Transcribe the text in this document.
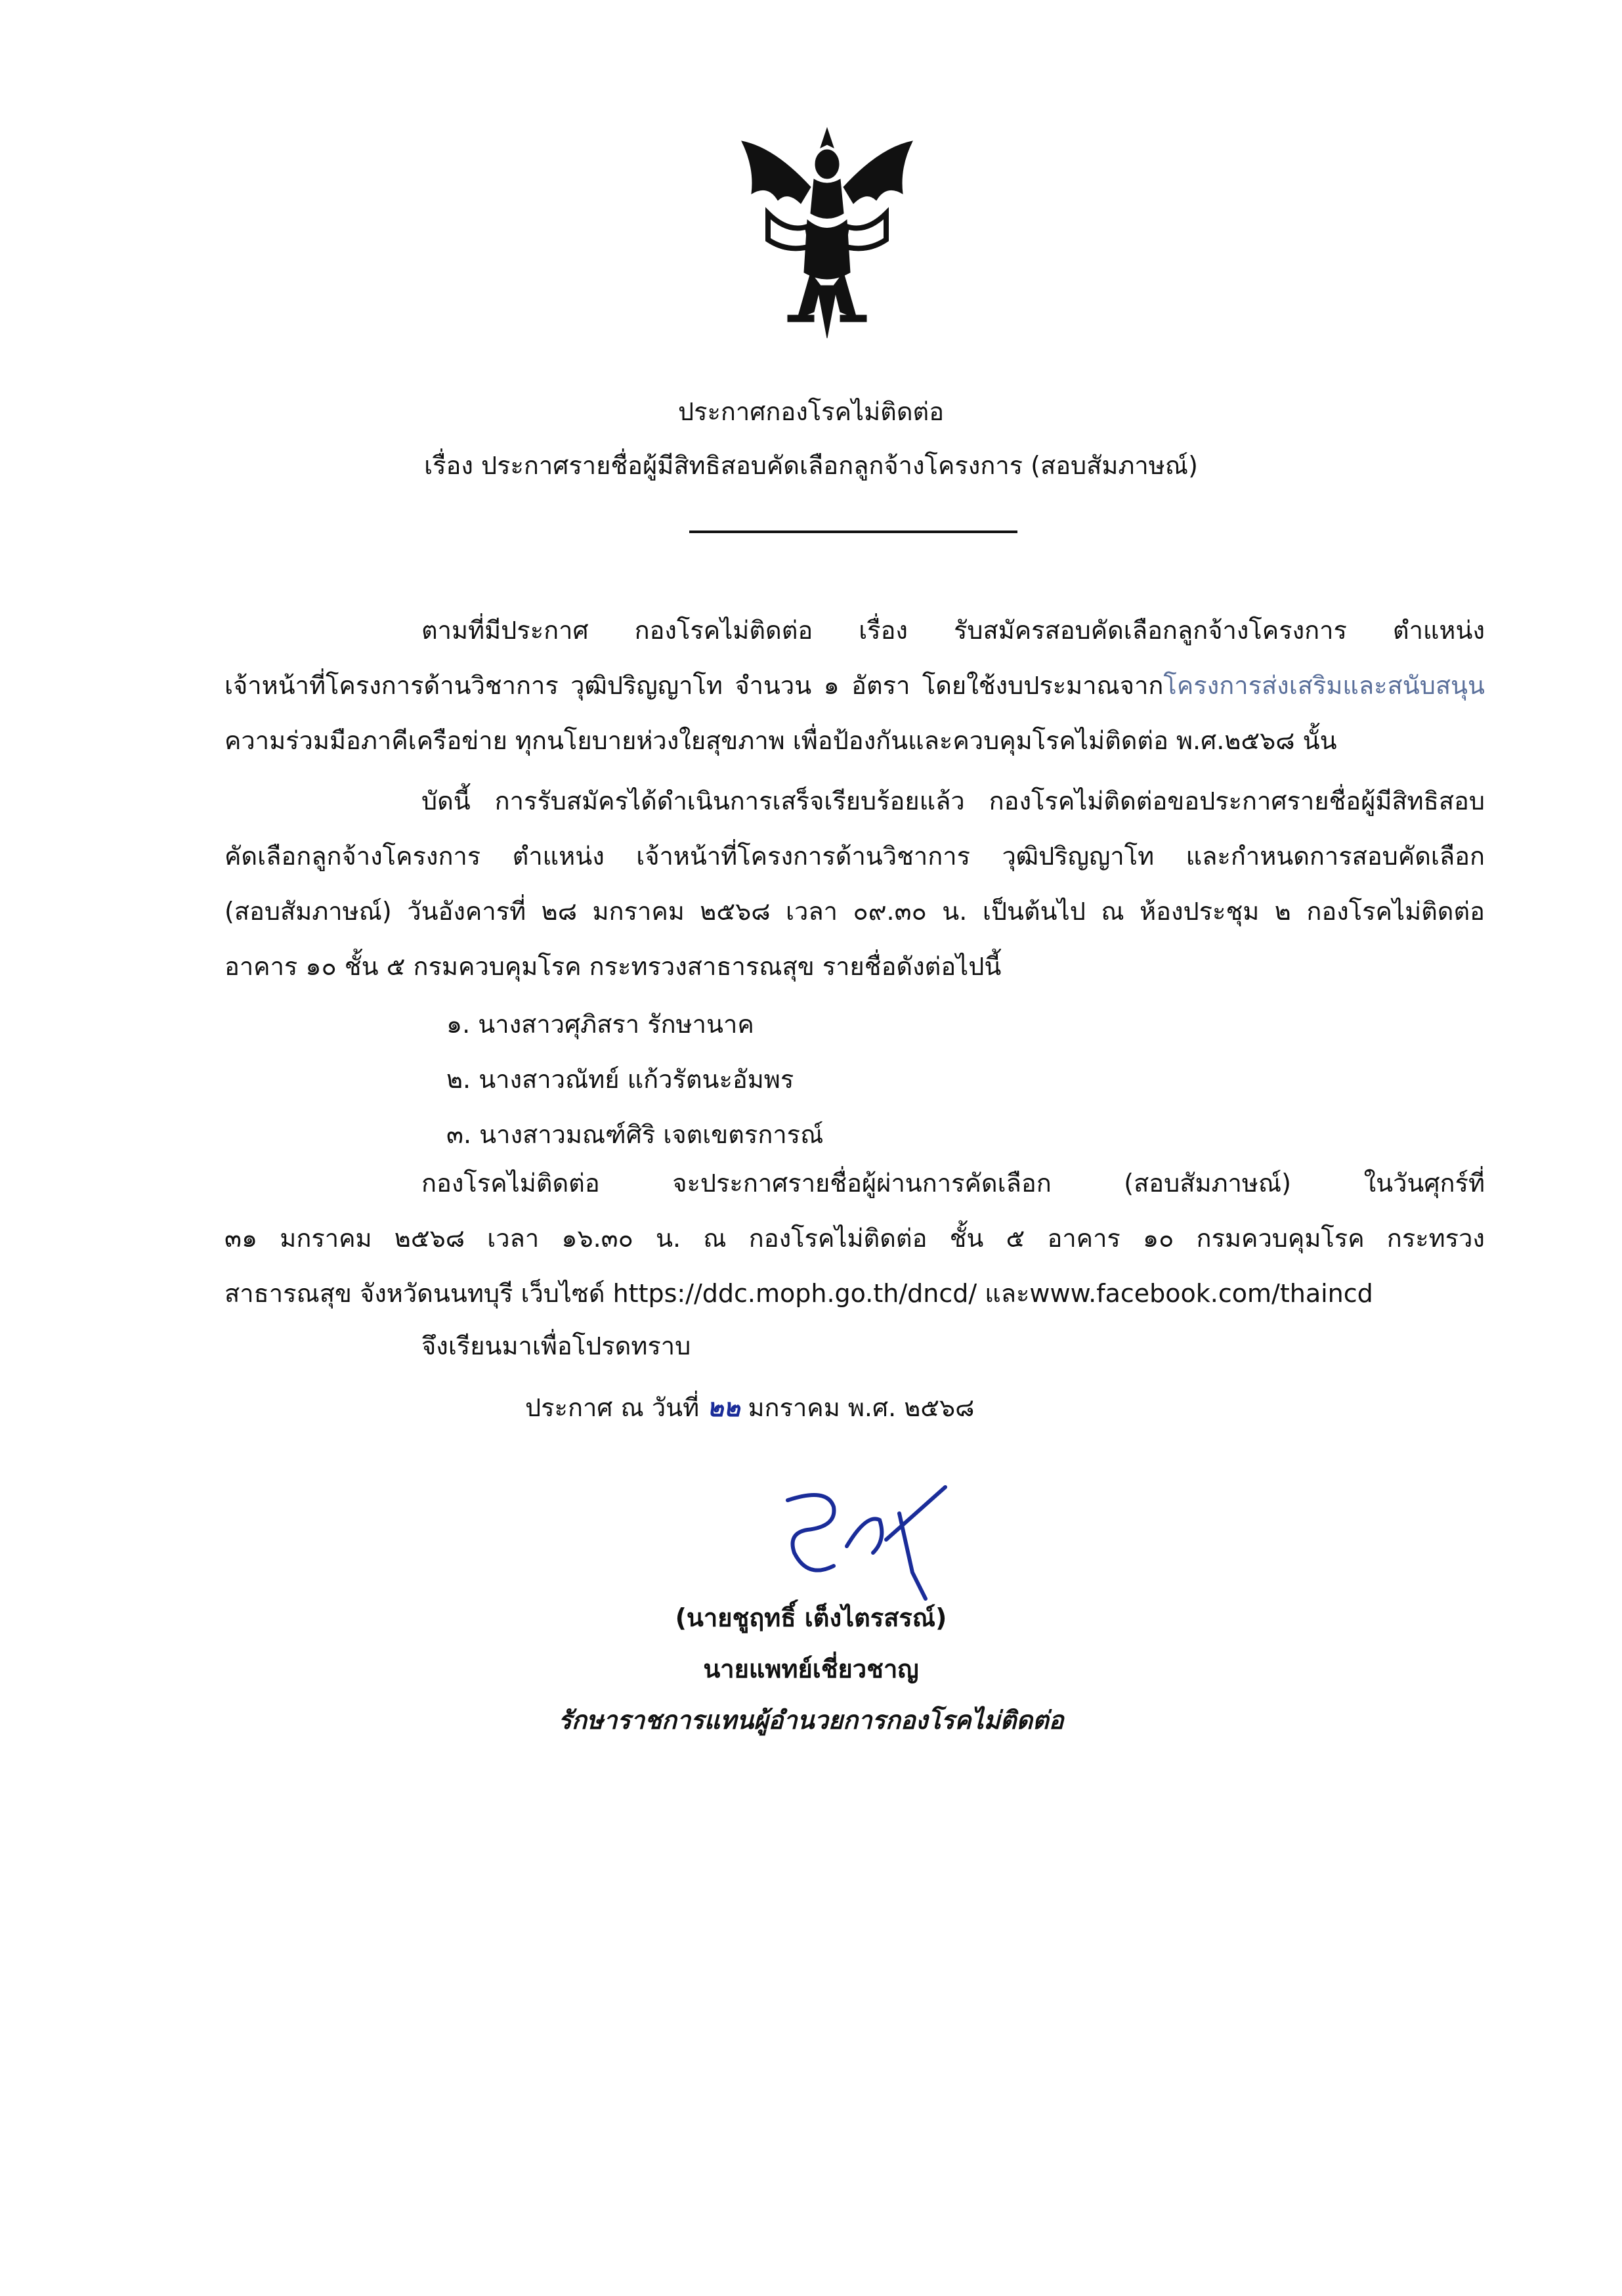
ประกาศกองโรคไม่ติดต่อ
เรื่อง ประกาศรายชื่อผู้มีสิทธิสอบคัดเลือกลูกจ้างโครงการ (สอบสัมภาษณ์)
ตามที่มีประกาศ กองโรคไม่ติดต่อ เรื่อง รับสมัครสอบคัดเลือกลูกจ้างโครงการ ตำแหน่ง
เจ้าหน้าที่โครงการด้านวิชาการ วุฒิปริญญาโท จำนวน ๑ อัตรา โดยใช้งบประมาณจากโครงการส่งเสริมและสนับสนุน
ความร่วมมือภาคีเครือข่าย ทุกนโยบายห่วงใยสุขภาพ เพื่อป้องกันและควบคุมโรคไม่ติดต่อ พ.ศ.๒๕๖๘ นั้น
บัดนี้ การรับสมัครได้ดำเนินการเสร็จเรียบร้อยแล้ว กองโรคไม่ติดต่อขอประกาศรายชื่อผู้มีสิทธิสอบ
คัดเลือกลูกจ้างโครงการ ตำแหน่ง เจ้าหน้าที่โครงการด้านวิชาการ วุฒิปริญญาโท และกำหนดการสอบคัดเลือก
(สอบสัมภาษณ์) วันอังคารที่ ๒๘ มกราคม ๒๕๖๘ เวลา ๐๙.๓๐ น. เป็นต้นไป ณ ห้องประชุม ๒ กองโรคไม่ติดต่อ
อาคาร ๑๐ ชั้น ๕ กรมควบคุมโรค กระทรวงสาธารณสุข รายชื่อดังต่อไปนี้
๑. นางสาวศุภิสรา รักษานาค
๒. นางสาวณัทย์ แก้วรัตนะอัมพร
๓. นางสาวมณฑ์ศิริ เจตเขตรการณ์
กองโรคไม่ติดต่อ จะประกาศรายชื่อผู้ผ่านการคัดเลือก (สอบสัมภาษณ์) ในวันศุกร์ที่
๓๑ มกราคม ๒๕๖๘ เวลา ๑๖.๓๐ น. ณ กองโรคไม่ติดต่อ ชั้น ๕ อาคาร ๑๐ กรมควบคุมโรค กระทรวง
สาธารณสุข จังหวัดนนทบุรี เว็บไซด์ https://ddc.moph.go.th/dncd/ และwww.facebook.com/thaincd
จึงเรียนมาเพื่อโปรดทราบ
ประกาศ ณ วันที่ ๒๒ มกราคม พ.ศ. ๒๕๖๘
(นายชูฤทธิ์ เต็งไตรสรณ์)
นายแพทย์เชี่ยวชาญ
รักษาราชการแทนผู้อำนวยการกองโรคไม่ติดต่อ
